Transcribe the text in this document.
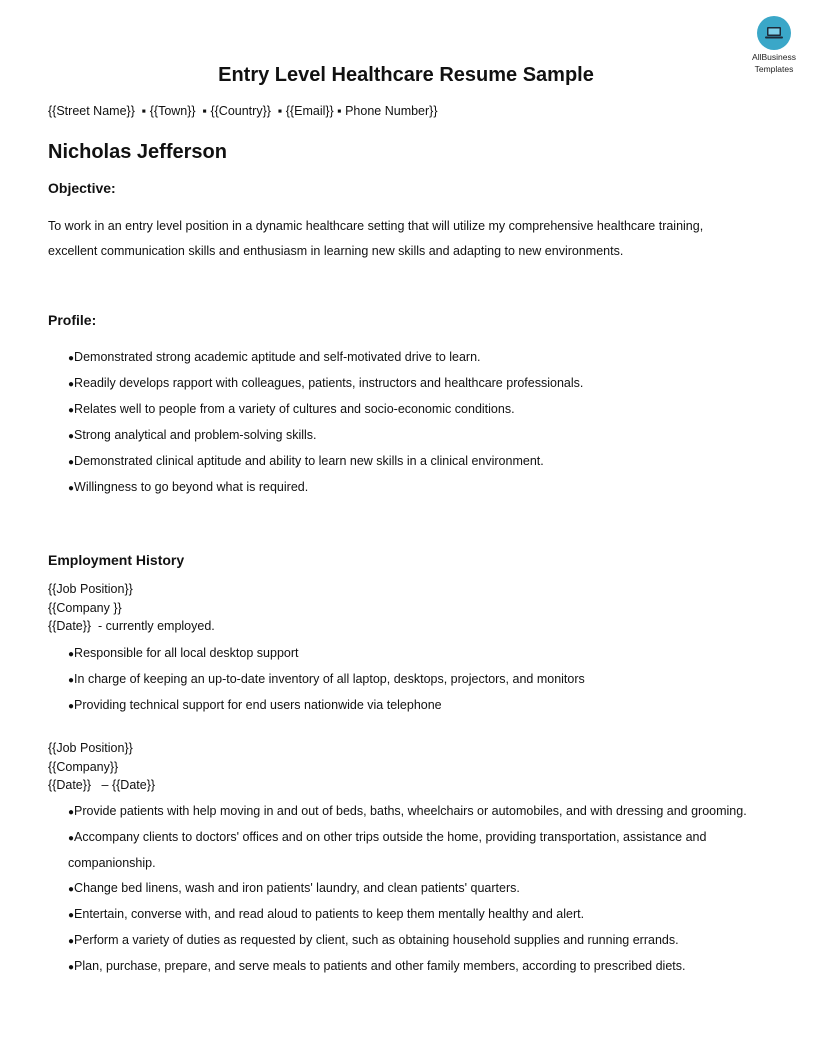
AllBusiness
Templates
Entry Level Healthcare Resume Sample

{{Street Name}}  ▪ {{Town}}  ▪ {{Country}}  ▪ {{Email}} ▪ Phone Number}}

Nicholas Jefferson
Objective:

To work in an entry level position in a dynamic healthcare setting that will utilize my comprehensive healthcare training, excellent communication skills and enthusiasm in learning new skills and adapting to new environments.

Profile:
●Demonstrated strong academic aptitude and self-motivated drive to learn.
●Readily develops rapport with colleagues, patients, instructors and healthcare professionals.
●Relates well to people from a variety of cultures and socio-economic conditions.
●Strong analytical and problem-solving skills.
●Demonstrated clinical aptitude and ability to learn new skills in a clinical environment.
●Willingness to go beyond what is required.
Employment History
{{Job Position}}
{{Company }}
{{Date}}  - currently employed.
●Responsible for all local desktop support
●In charge of keeping an up-to-date inventory of all laptop, desktops, projectors, and monitors
●Providing technical support for end users nationwide via telephone
{{Job Position}}
{{Company}}
{{Date}}   – {{Date}}
●Provide patients with help moving in and out of beds, baths, wheelchairs or automobiles, and with dressing and grooming.
●Accompany clients to doctors' offices and on other trips outside the home, providing transportation, assistance and companionship.
●Change bed linens, wash and iron patients' laundry, and clean patients' quarters.
●Entertain, converse with, and read aloud to patients to keep them mentally healthy and alert.
●Perform a variety of duties as requested by client, such as obtaining household supplies and running errands.
●Plan, purchase, prepare, and serve meals to patients and other family members, according to prescribed diets.
